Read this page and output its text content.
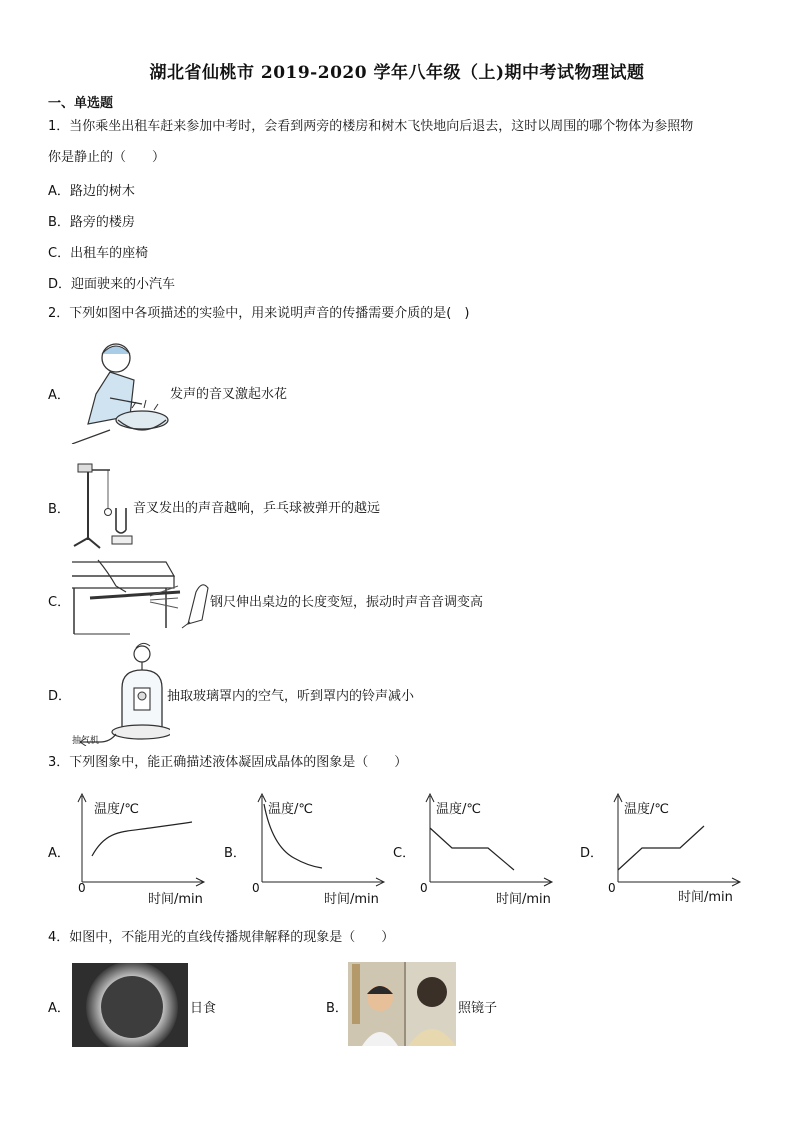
湖北省仙桃市 2019-2020 学年八年级（上)期中考试物理试题
一、单选题
1．当你乘坐出租车赶来参加中考时，会看到两旁的楼房和树木飞快地向后退去，这时以周围的哪个物体为参照物
你是静止的（　　）
A．路边的树木
B．路旁的楼房
C．出租车的座椅
D．迎面驶来的小汽车
2．下列如图中各项描述的实验中，用来说明声音的传播需要介质的是(　)
A．	发声的音叉激起水花
B．	音叉发出的声音越响，乒乓球被弹开的越远
C．	钢尺伸出桌边的长度变短，振动时声音音调变高
D．
抽气机
抽取玻璃罩内的空气，听到罩内的铃声减小
3．下列图象中，能正确描述液体凝固成晶体的图象是（　　）
A．
温度/℃
0
时间/min
B．
温度/℃
0
时间/min
C．
温度/℃
0
时间/min
D．
温度/℃
0
时间/min
4．如图中，不能用光的直线传播规律解释的现象是（　　）
A．	日食	B．	照镜子
